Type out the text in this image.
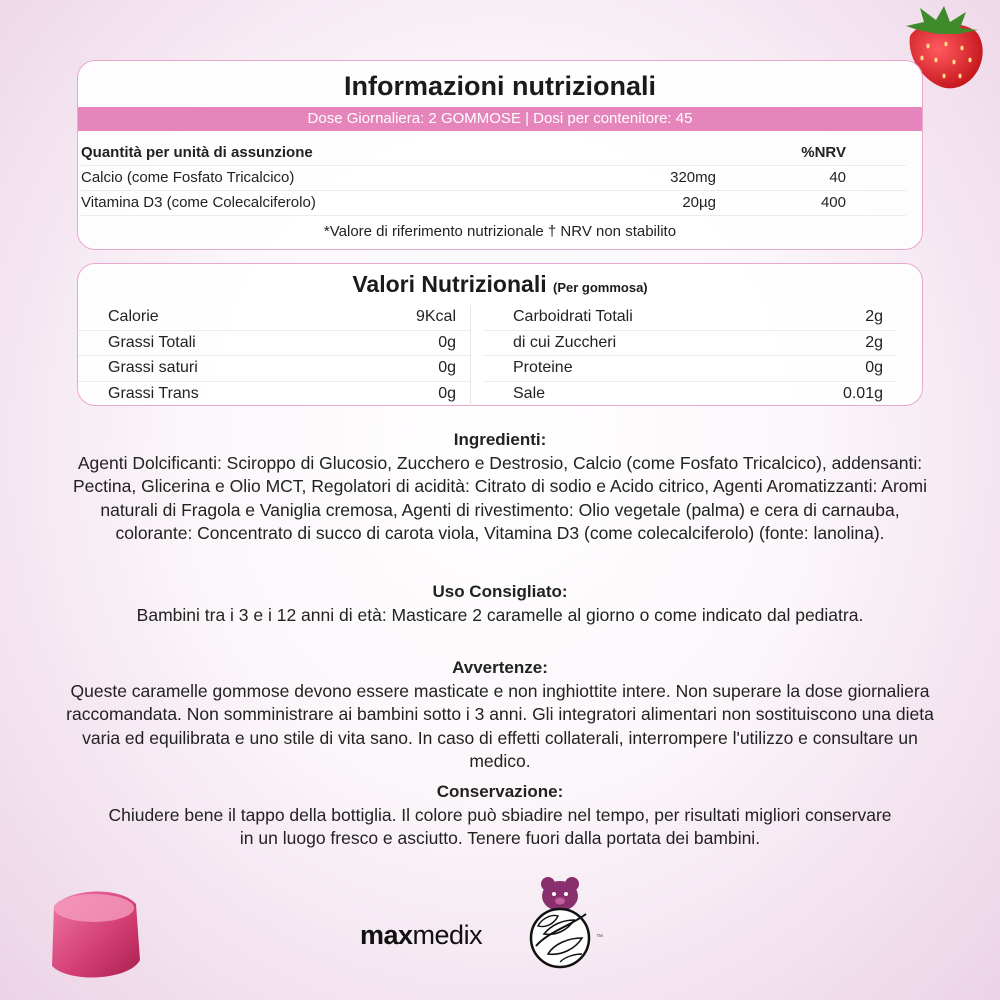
Informazioni nutrizionali
Dose Giornaliera: 2 GOMMOSE | Dosi per contenitore: 45
Quantità per unità di assunzione	%NRV
Calcio (come Fosfato Tricalcico)	320mg	40
Vitamina D3 (come Colecalciferolo)	20µg	400
*Valore di riferimento nutrizionale † NRV non stabilito
Valori Nutrizionali (Per gommosa)
Calorie	9Kcal
Grassi Totali	0g
Grassi saturi	0g
Grassi Trans	0g
Carboidrati Totali	2g
di cui Zuccheri	2g
Proteine	0g
Sale	0.01g
Ingredienti:
Agenti Dolcificanti: Sciroppo di Glucosio, Zucchero e Destrosio, Calcio (come Fosfato Tricalcico), addensanti: Pectina, Glicerina e Olio MCT, Regolatori di acidità: Citrato di sodio e Acido citrico, Agenti Aromatizzanti: Aromi naturali di Fragola e Vaniglia cremosa, Agenti di rivestimento: Olio vegetale (palma) e cera di carnauba, colorante: Concentrato di succo di carota viola, Vitamina D3 (come colecalciferolo) (fonte: lanolina).
Uso Consigliato:
Bambini tra i 3 e i 12 anni di età: Masticare 2 caramelle al giorno o come indicato dal pediatra.
Avvertenze:
Queste caramelle gommose devono essere masticate e non inghiottite intere. Non superare la dose giornaliera raccomandata. Non somministrare ai bambini sotto i 3 anni. Gli integratori alimentari non sostituiscono una dieta varia ed equilibrata e uno stile di vita sano. In caso di effetti collaterali, interrompere l'utilizzo e consultare un medico.
Conservazione:
Chiudere bene il tappo della bottiglia. Il colore può sbiadire nel tempo, per risultati migliori conservare in un luogo fresco e asciutto. Tenere fuori dalla portata dei bambini.
maxmedix	™
